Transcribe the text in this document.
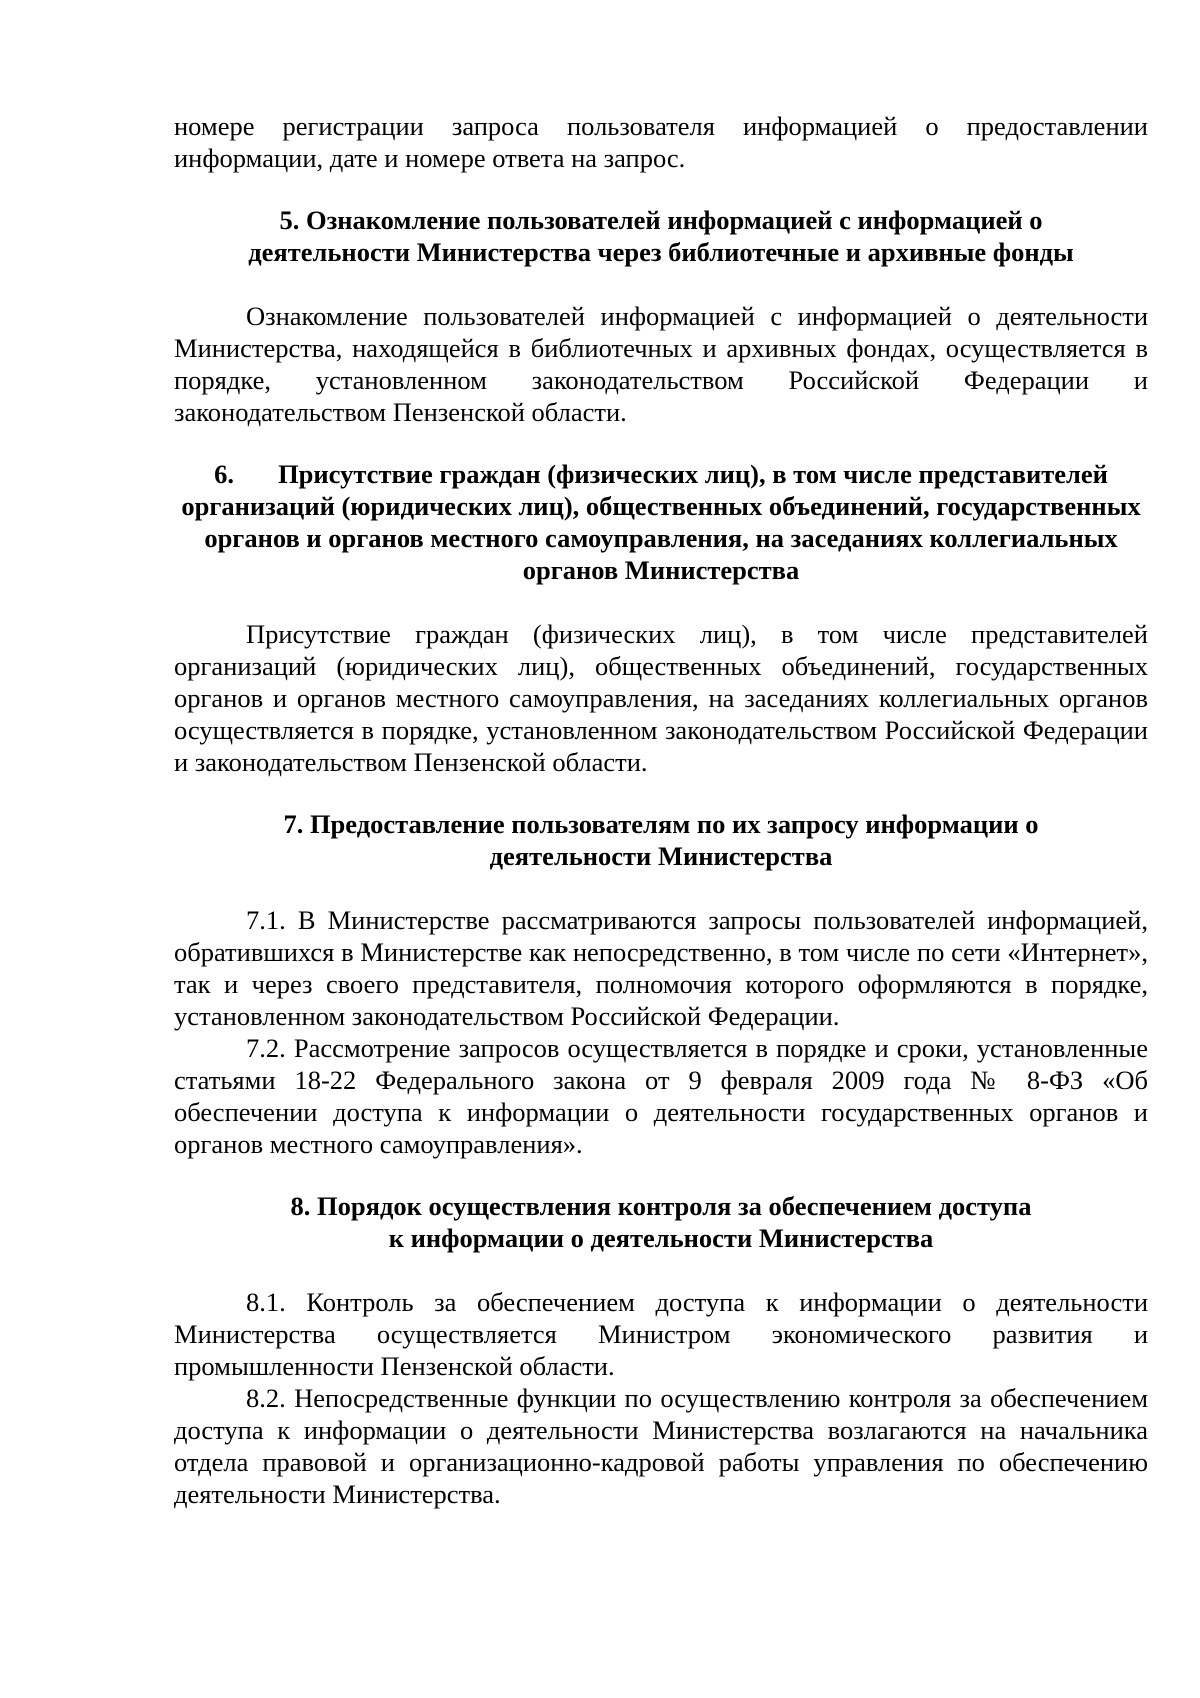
номере регистрации запроса пользователя информацией о предоставлении информации, дате и номере ответа на запрос.

5. Ознакомление пользователей информацией с информацией о
деятельности Министерства через библиотечные и архивные фонды

Ознакомление пользователей информацией с информацией о деятельности Министерства, находящейся в библиотечных и архивных фондах, осуществляется в порядке, установленном законодательством Российской Федерации и законодательством Пензенской области.

6. Присутствие граждан (физических лиц), в том числе представителей
организаций (юридических лиц), общественных объединений, государственных
органов и органов местного самоуправления, на заседаниях коллегиальных
органов Министерства

Присутствие граждан (физических лиц), в том числе представителей организаций (юридических лиц), общественных объединений, государственных органов и органов местного самоуправления, на заседаниях коллегиальных органов осуществляется в порядке, установленном законодательством Российской Федерации и законодательством Пензенской области.

7. Предоставление пользователям по их запросу информации о
деятельности Министерства

7.1. В Министерстве рассматриваются запросы пользователей информацией, обратившихся в Министерстве как непосредственно, в том числе по сети «Интернет», так и через своего представителя, полномочия которого оформляются в порядке, установленном законодательством Российской Федерации.

7.2. Рассмотрение запросов осуществляется в порядке и сроки, установленные статьями 18-22 Федерального закона от 9 февраля 2009 года № 8-ФЗ «Об обеспечении доступа к информации о деятельности государственных органов и органов местного самоуправления».

8. Порядок осуществления контроля за обеспечением доступа
к информации о деятельности Министерства

8.1. Контроль за обеспечением доступа к информации о деятельности Министерства осуществляется Министром экономического развития и промышленности Пензенской области.

8.2. Непосредственные функции по осуществлению контроля за обеспечением доступа к информации о деятельности Министерства возлагаются на начальника отдела правовой и организационно-кадровой работы управления по обеспечению деятельности Министерства.
